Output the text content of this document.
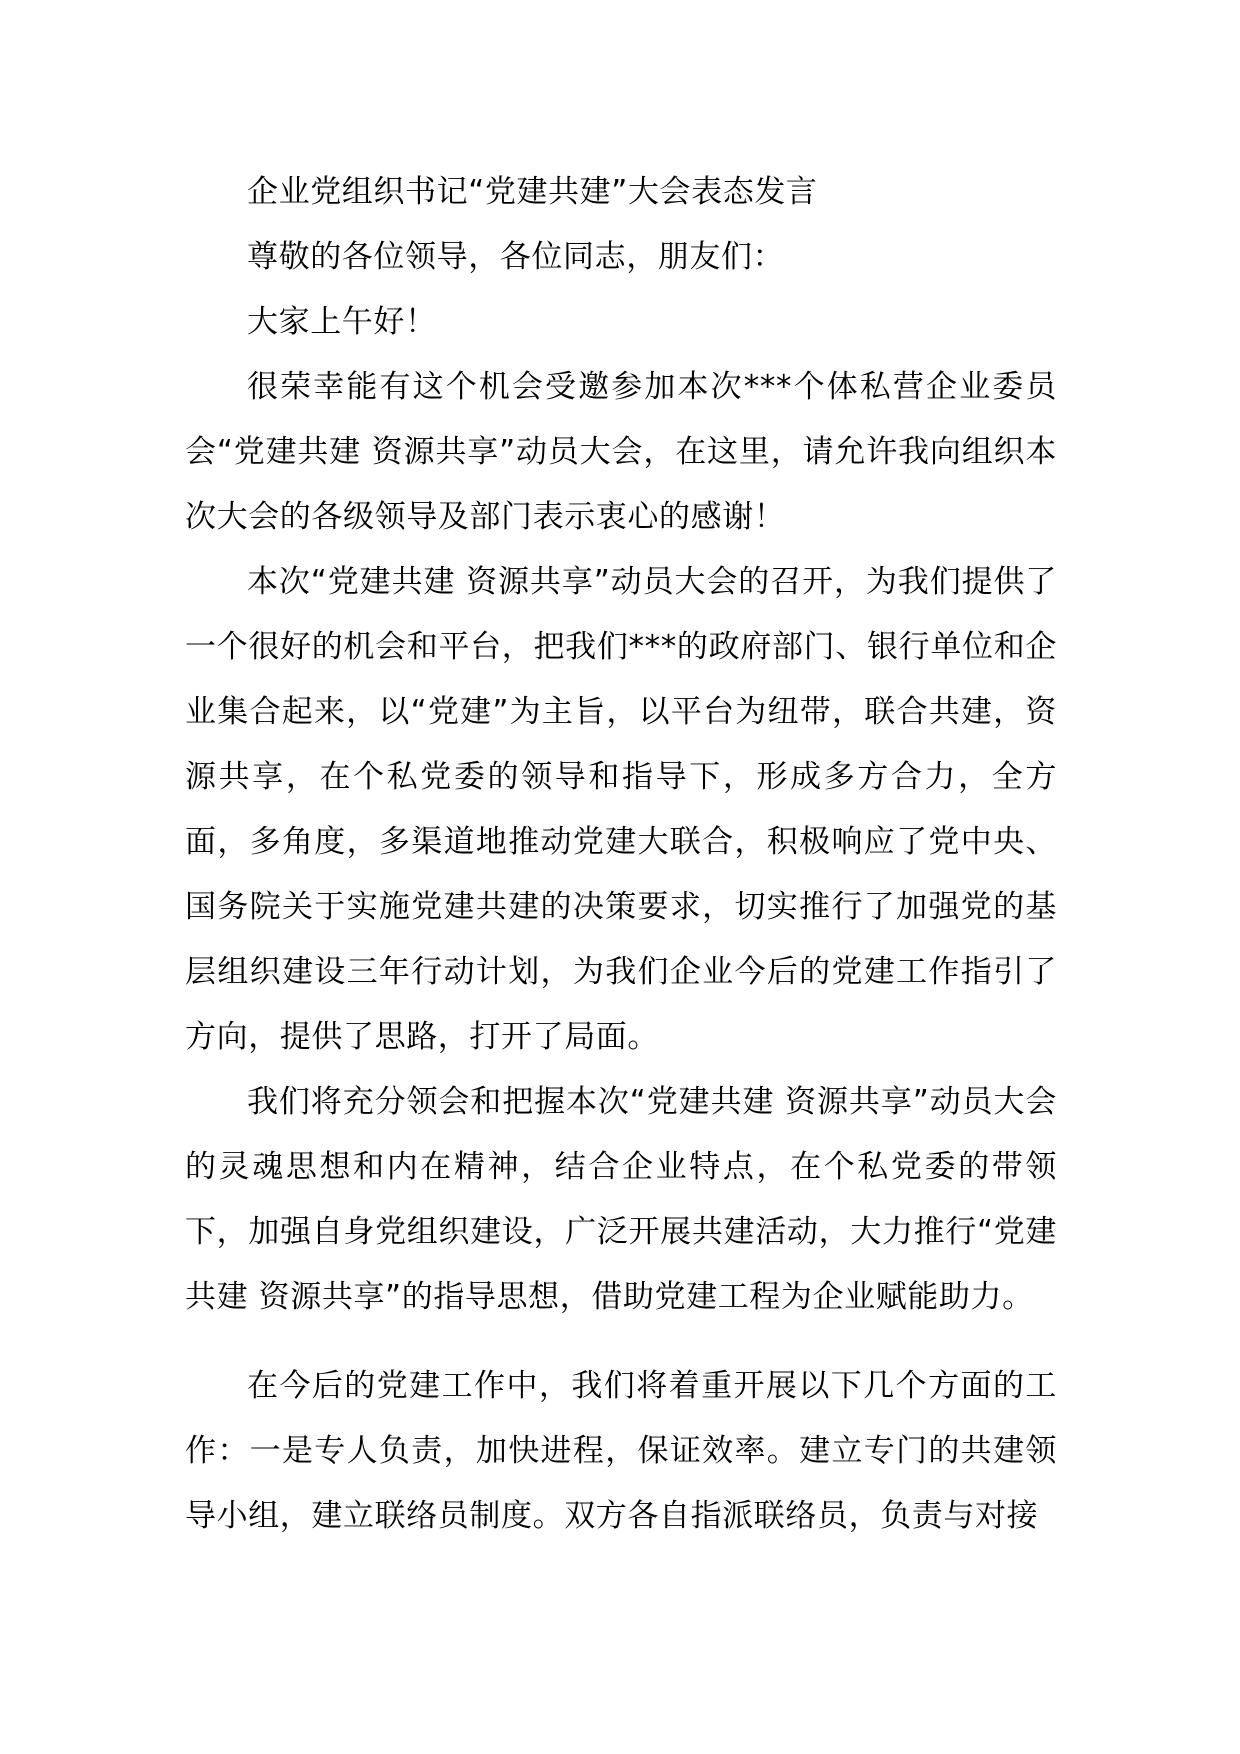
企业党组织书记“党建共建”大会表态发言

尊敬的各位领导，各位同志，朋友们：

大家上午好！

很荣幸能有这个机会受邀参加本次***个体私营企业委员会“党建共建 资源共享”动员大会，在这里，请允许我向组织本次大会的各级领导及部门表示衷心的感谢！

本次“党建共建 资源共享”动员大会的召开，为我们提供了一个很好的机会和平台，把我们***的政府部门、银行单位和企业集合起来，以“党建”为主旨，以平台为纽带，联合共建，资源共享，在个私党委的领导和指导下，形成多方合力，全方面，多角度，多渠道地推动党建大联合，积极响应了党中央、国务院关于实施党建共建的决策要求，切实推行了加强党的基层组织建设三年行动计划，为我们企业今后的党建工作指引了方向，提供了思路，打开了局面。

我们将充分领会和把握本次“党建共建 资源共享”动员大会的灵魂思想和内在精神，结合企业特点，在个私党委的带领下，加强自身党组织建设，广泛开展共建活动，大力推行“党建共建 资源共享”的指导思想，借助党建工程为企业赋能助力。

在今后的党建工作中，我们将着重开展以下几个方面的工作：一是专人负责，加快进程，保证效率。建立专门的共建领导小组，建立联络员制度。双方各自指派联络员，负责与对接
